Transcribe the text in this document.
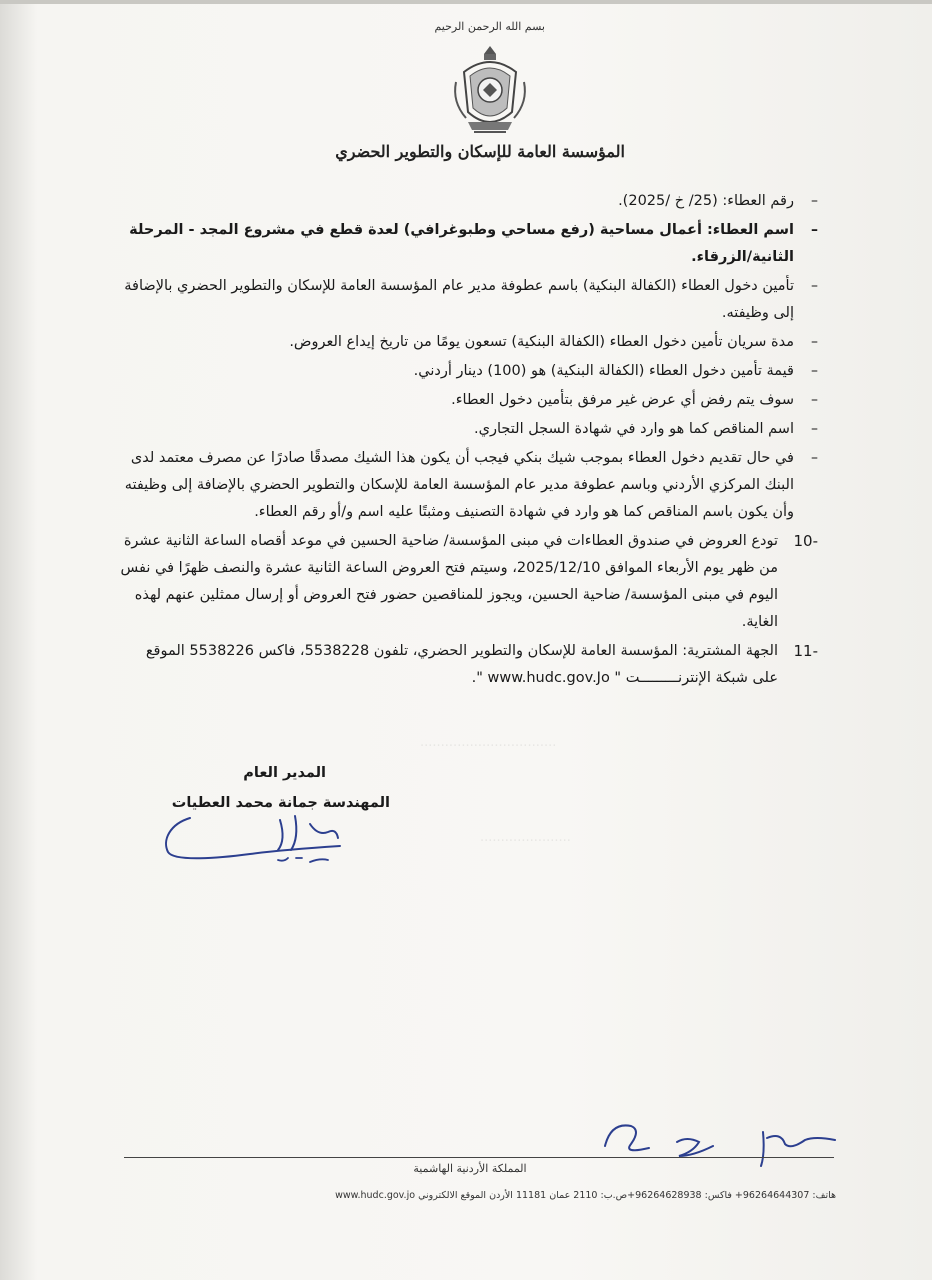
.................................
......................
بسم الله الرحمن الرحيم
المؤسسة العامة للإسكان والتطوير الحضري
–
رقم العطاء: (25/ خ /2025).
–
اسم العطاء: أعمال مساحية (رفع مساحي وطبوغرافي) لعدة قطع في مشروع المجد - المرحلة الثانية/الزرقاء.
–
تأمين دخول العطاء (الكفالة البنكية) باسم عطوفة مدير عام المؤسسة العامة للإسكان والتطوير الحضري بالإضافة إلى وظيفته.
–
مدة سريان تأمين دخول العطاء (الكفالة البنكية) تسعون يومًا من تاريخ إيداع العروض.
–
قيمة تأمين دخول العطاء (الكفالة البنكية) هو (100) دينار أردني.
–
سوف يتم رفض أي عرض غير مرفق بتأمين دخول العطاء.
–
اسم المناقص كما هو وارد في شهادة السجل التجاري.
–
في حال تقديم دخول العطاء بموجب شيك بنكي فيجب أن يكون هذا الشيك مصدقًا صادرًا عن مصرف معتمد لدى البنك المركزي الأردني وباسم عطوفة مدير عام المؤسسة العامة للإسكان والتطوير الحضري بالإضافة إلى وظيفته وأن يكون باسم المناقص كما هو وارد في شهادة التصنيف ومثبتًا عليه اسم و/أو رقم العطاء.
10-
تودع العروض في صندوق العطاءات في مبنى المؤسسة/ ضاحية الحسين في موعد أقصاه الساعة الثانية عشرة من ظهر يوم الأربعاء الموافق 2025/12/10، وسيتم فتح العروض الساعة الثانية عشرة والنصف ظهرًا في نفس اليوم في مبنى المؤسسة/ ضاحية الحسين، ويجوز للمناقصين حضور فتح العروض أو إرسال ممثلين عنهم لهذه الغاية.
11-
الجهة المشترية: المؤسسة العامة للإسكان والتطوير الحضري، تلفون 5538228، فاكس 5538226 الموقع على شبكة الإنترنـــــــــت " www.hudc.gov.Jo ".
المدير العام
المهندسة جمانة محمد العطيات
المملكة الأردنية الهاشمية
هاتف: 96264644307+ فاكس: 96264628938+ص.ب: 2110 عمان 11181 الأردن الموقع الالكتروني www.hudc.gov.jo
